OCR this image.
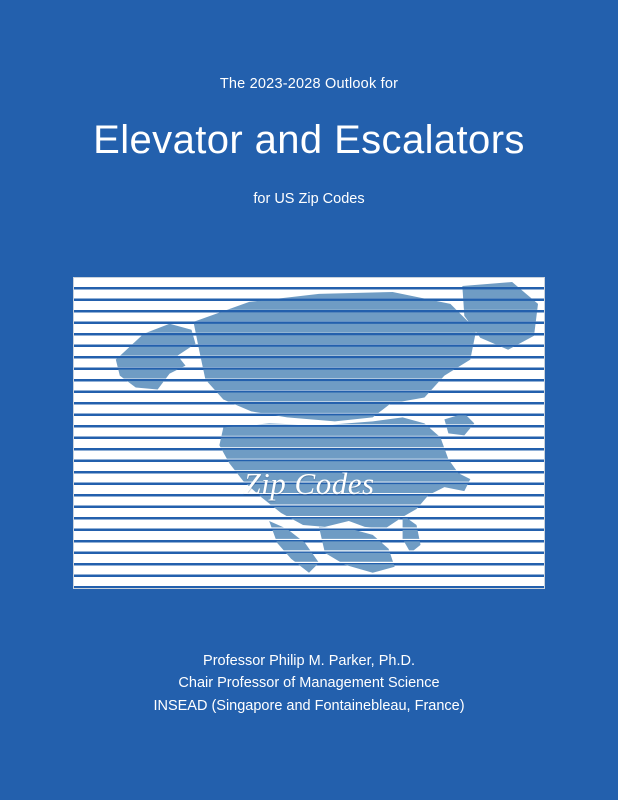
The 2023-2028 Outlook for
Elevator and Escalators
for US Zip Codes
Zip Codes
Professor Philip M. Parker, Ph.D.
Chair Professor of Management Science
INSEAD (Singapore and Fontainebleau, France)
